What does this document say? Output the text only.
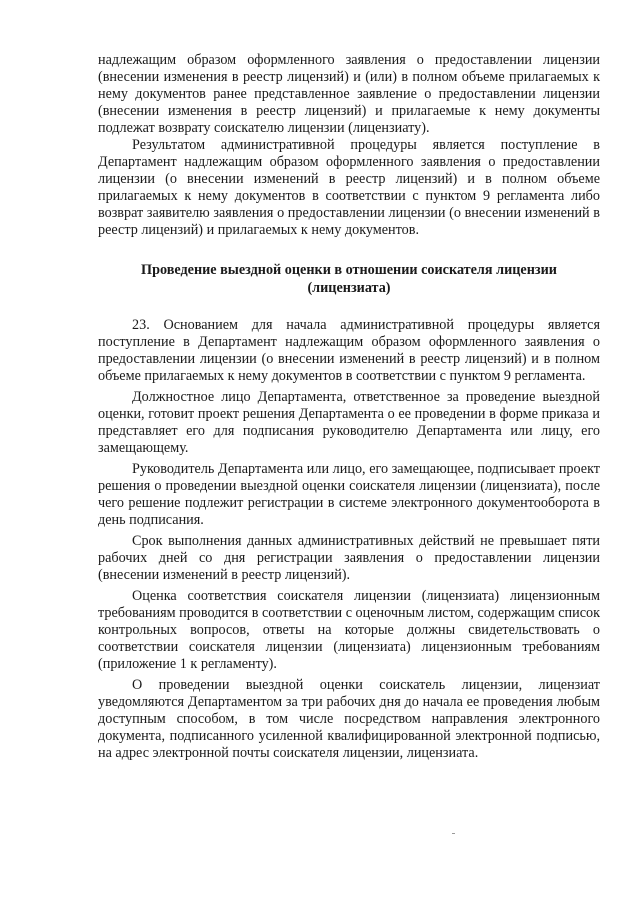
надлежащим образом оформленного заявления о предоставлении лицензии (внесении изменения в реестр лицензий) и (или) в полном объеме прилагаемых к нему документов ранее представленное заявление о предоставлении лицензии (внесении изменения в реестр лицензий) и прилагаемые к нему документы подлежат возврату соискателю лицензии (лицензиату).

Результатом административной процедуры является поступление в Департамент надлежащим образом оформленного заявления о предоставлении лицензии (о внесении изменений в реестр лицензий) и в полном объеме прилагаемых к нему документов в соответствии с пунктом 9 регламента либо возврат заявителю заявления о предоставлении лицензии (о внесении изменений в реестр лицензий) и прилагаемых к нему документов.

Проведение выездной оценки в отношении соискателя лицензии
(лицензиата)

23. Основанием для начала административной процедуры является поступление в Департамент надлежащим образом оформленного заявления о предоставлении лицензии (о внесении изменений в реестр лицензий) и в полном объеме прилагаемых к нему документов в соответствии с пунктом 9 регламента.

Должностное лицо Департамента, ответственное за проведение выездной оценки, готовит проект решения Департамента о ее проведении в форме приказа и представляет его для подписания руководителю Департамента или лицу, его замещающему.

Руководитель Департамента или лицо, его замещающее, подписывает проект решения о проведении выездной оценки соискателя лицензии (лицензиата), после чего решение подлежит регистрации в системе электронного документооборота в день подписания.

Срок выполнения данных административных действий не превышает пяти рабочих дней со дня регистрации заявления о предоставлении лицензии (внесении изменений в реестр лицензий).

Оценка соответствия соискателя лицензии (лицензиата) лицензионным требованиям проводится в соответствии с оценочным листом, содержащим список контрольных вопросов, ответы на которые должны свидетельствовать о соответствии соискателя лицензии (лицензиата) лицензионным требованиям (приложение 1 к регламенту).

О проведении выездной оценки соискатель лицензии, лицензиат уведомляются Департаментом за три рабочих дня до начала ее проведения любым доступным способом, в том числе посредством направления электронного документа, подписанного усиленной квалифицированной электронной подписью, на адрес электронной почты соискателя лицензии, лицензиата.
